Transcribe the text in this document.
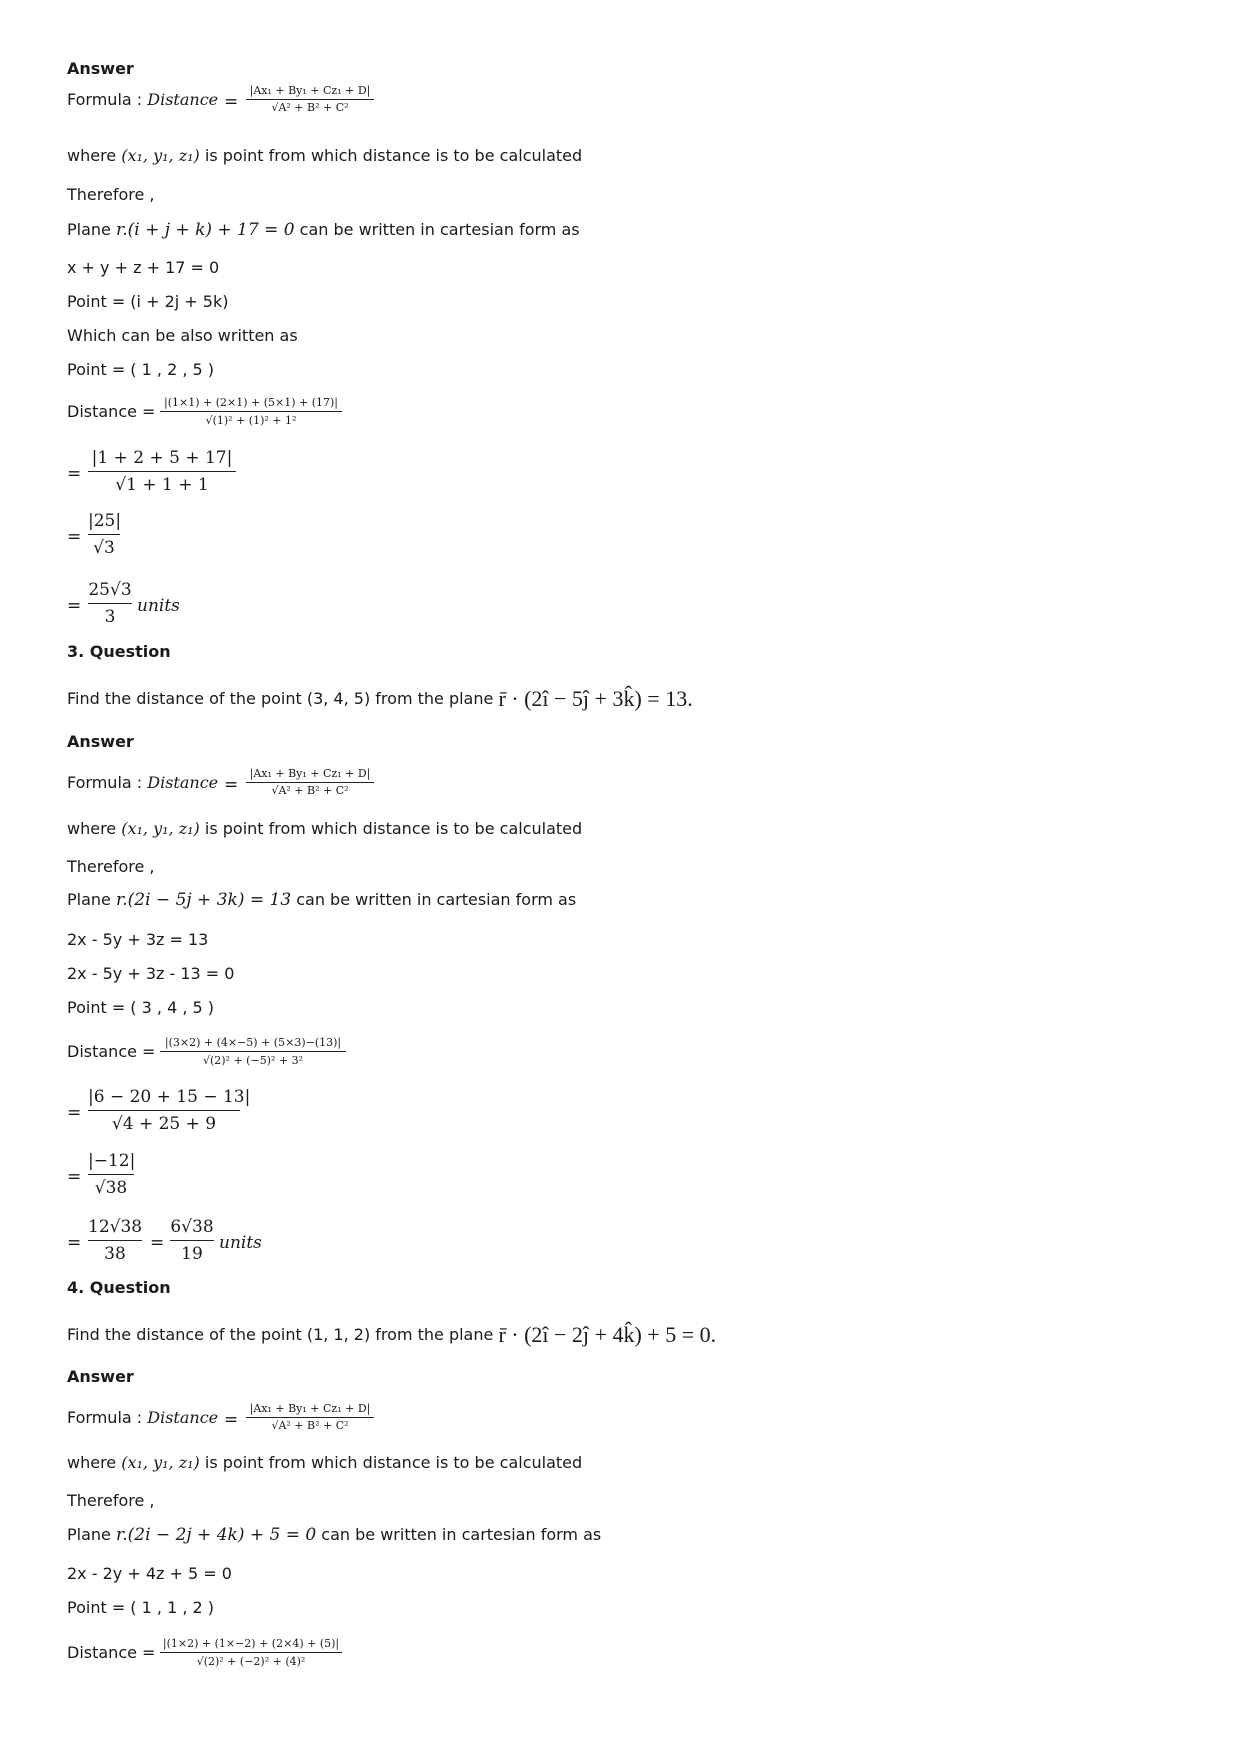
Answer
Formula : Distance =
|Ax₁ + By₁ + Cz₁ + D|
√A² + B² + C²
where (x₁, y₁, z₁) is point from which distance is to be calculated
Therefore ,
Plane r.(i + j + k) + 17 = 0 can be written in cartesian form as
x + y + z + 17 = 0
Point = (i + 2j + 5k)
Which can be also written as
Point = ( 1 , 2 , 5 )
Distance = |(1×1) + (2×1) + (5×1) + (17)|
√(1)² + (1)² + 1²
=
|1 + 2 + 5 + 17|
√1 + 1 + 1
=
|25|
√3
=
25√3
3
units
3. Question
Find the distance of the point (3, 4, 5) from the plane r̄ · (2î − 5ĵ + 3k̂) = 13.
Answer
Formula : Distance =
|Ax₁ + By₁ + Cz₁ + D|
√A² + B² + C²
where (x₁, y₁, z₁) is point from which distance is to be calculated
Therefore ,
Plane r.(2i − 5j + 3k) = 13 can be written in cartesian form as
2x - 5y + 3z = 13
2x - 5y + 3z - 13 = 0
Point = ( 3 , 4 , 5 )
Distance = |(3×2) + (4×−5) + (5×3)−(13)|
√(2)² + (−5)² + 3²
=
|6 − 20 + 15 − 13|
√4 + 25 + 9
=
|−12|
√38
=
12√38
38
=
6√38
19
units
4. Question
Find the distance of the point (1, 1, 2) from the plane r̄ · (2î − 2ĵ + 4k̂) + 5 = 0.
Answer
Formula : Distance =
|Ax₁ + By₁ + Cz₁ + D|
√A² + B² + C²
where (x₁, y₁, z₁) is point from which distance is to be calculated
Therefore ,
Plane r.(2i − 2j + 4k) + 5 = 0 can be written in cartesian form as
2x - 2y + 4z + 5 = 0
Point = ( 1 , 1 , 2 )
Distance = |(1×2) + (1×−2) + (2×4) + (5)|
√(2)² + (−2)² + (4)²
